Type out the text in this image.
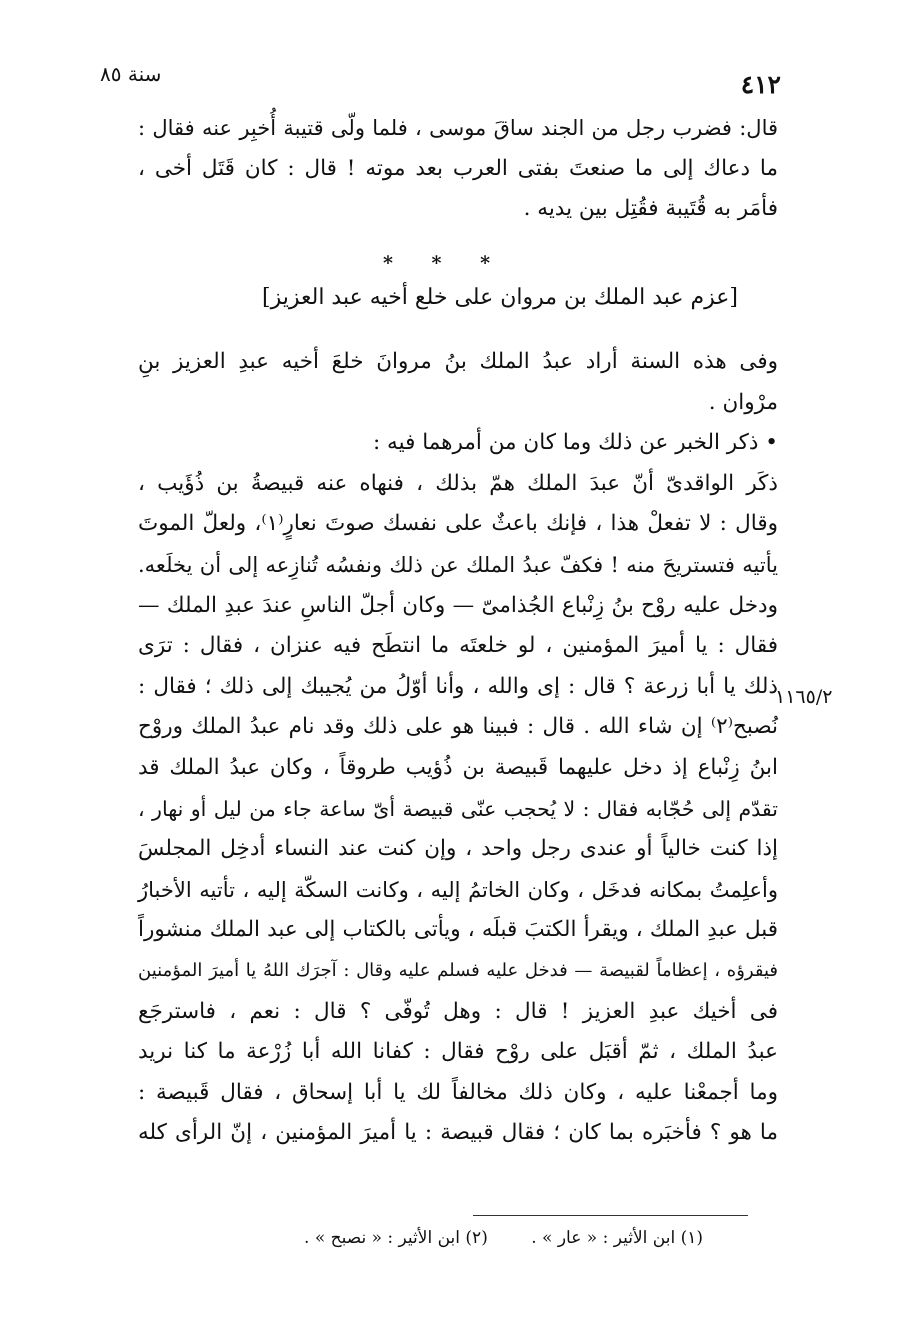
٤١٢
سنة ٨٥
قال: فضرب رجل من الجند ساقَ موسى ، فلما ولّى قتيبة أُخبِر عنه فقال :
ما دعاك إلى ما صنعتَ بفتى العرب بعد موته ! قال : كان قَتَل أخى ،
فأمَر به قُتَيبة فقُتِل بين يديه .
* * *
[عزم عبد الملك بن مروان على خلع أخيه عبد العزيز]
وفى هذه السنة أراد عبدُ الملك بنُ مروانَ خلعَ أخيه عبدِ العزيز بنِ
مرْوان .
• ذكر الخبر عن ذلك وما كان من أمرهما فيه :
ذكَر الواقدىّ أنّ عبدَ الملك همّ بذلك ، فنهاه عنه قبيصةُ بن ذُؤَيب ،
وقال : لا تفعلْ هذا ، فإنك باعثٌ على نفسك صوتَ نعارٍ⁽١⁾، ولعلّ الموتَ
يأتيه فتستريحَ منه ! فكفّ عبدُ الملك عن ذلك ونفسُه تُنازِعه إلى أن يخلَعه.
ودخل عليه روْح بنُ زِنْباع الجُذامىّ — وكان أجلّ الناسِ عندَ عبدِ الملك —
فقال : يا أميرَ المؤمنين ، لو خلعتَه ما انتطَح فيه عنزان ، فقال : ترَى
ذلك يا أبا زرعة ؟ قال : إى والله ، وأنا أوّلُ من يُجيبك إلى ذلك ؛ فقال :
نُصبح⁽٢⁾ إن شاء الله . قال : فبينا هو على ذلك وقد نام عبدُ الملك وروْح
ابنُ زِنْباع إذ دخل عليهما قَبيصة بن ذُؤيب طروقاً ، وكان عبدُ الملك قد
تقدّم إلى حُجّابه فقال : لا يُحجب عنّى قبيصة أىّ ساعة جاء من ليل أو نهار ،
إذا كنت خالياً أو عندى رجل واحد ، وإن كنت عند النساء أدخِل المجلسَ
وأعلِمتُ بمكانه فدخَل ، وكان الخاتمُ إليه ، وكانت السكّة إليه ، تأتيه الأخبارُ
قبل عبدِ الملك ، ويقرأ الكتبَ قبلَه ، ويأتى بالكتاب إلى عبد الملك منشوراً
فيقرؤه ، إعظاماً لقبيصة — فدخل عليه فسلم عليه وقال : آجرَك اللهُ يا أميرَ المؤمنين
فى أخيك عبدِ العزيز ! قال : وهل تُوفّى ؟ قال : نعم ، فاسترجَع
عبدُ الملك ، ثمّ أقبَل على روْح فقال : كفانا الله أبا زُرْعة ما كنا نريد
وما أجمعْنا عليه ، وكان ذلك مخالفاً لك يا أبا إسحاق ، فقال قَبيصة :
ما هو ؟ فأخبَره بما كان ؛ فقال قبيصة : يا أميرَ المؤمنين ، إنّ الرأى كله
١١٦٥/٢
(١) ابن الأثير : « عار » . (٢) ابن الأثير : « نصبح » .
